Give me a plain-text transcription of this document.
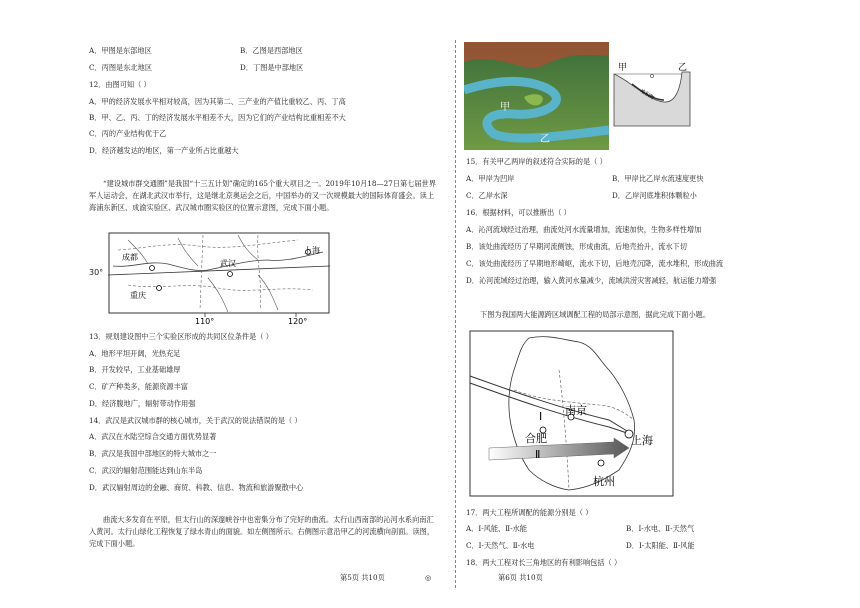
A．甲图是东部地区	B．乙图是西部地区
C．丙图是东北地区	D．丁图是中部地区
12．由图可知（ ）
A．甲的经济发展水平相对较高，因为其第二、三产业的产值比重较乙、丙、丁高
B．甲、乙、丙、丁的经济发展水平相差不大，因为它们的产业结构比重相差不大
C．丙的产业结构优于乙
D．经济越发达的地区，第一产业所占比重越大
“建设城市群交通圈”是我国“十三五计划”确定的165个重大项目之一。2019年10月18—27日第七届世界军人运动会，在湖北武汉市举行，这是继北京奥运会之后，中国举办的又一次规模最大的国际体育盛会。读上海浦东新区、成渝实验区、武汉城市圈实验区的位置示意图，完成下面小题。
成都
重庆
武汉
上海
110°	120°
30°
13．规划建设图中三个实验区形成的共同区位条件是（ ）
A．地形平坦开阔，光热充足
B．开发较早，工业基础雄厚
C．矿产种类多，能源资源丰富
D．经济腹地广，辐射带动作用强
14．武汉是武汉城市群的核心城市，关于武汉的说法错误的是（ ）
A．武汉在水陆空综合交通方面优势显著
B．武汉是我国中部地区的特大城市之一
C．武汉的辐射范围能达到山东半岛
D．武汉辐射周边的金融、商贸、科教、信息、物流和旅游聚散中心
曲流大多发育在平原，但太行山的深邃峡谷中也密集分布了完好的曲流。太行山西南部的沁河水系向南汇入黄河。太行山绿化工程恢复了绿水青山的面貌。如左侧图所示。右侧图示意沿甲乙的河流横向剖面。读图，完成下面小题。
第5页 共10页	◎
甲
乙
堆积物
甲	乙
15．有关甲乙两岸的叙述符合实际的是（ ）
A．甲岸为凹岸	B．甲岸比乙岸水流速度更快
C．乙岸水深	D．乙岸河底堆积体颗粒小
16．根据材料，可以推断出（ ）
A．沁河流域经过治理，曲流处河水流量增加，流速加快，生物多样性增加
B．该处曲流经历了早期河流侧蚀，形成曲流，后地壳抬升，流水下切
C．该处曲流经历了早期地形崎岖，流水下切，后地壳沉降，流水堆积，形成曲流
D．沁河流域经过治理，输入黄河水量减少，流域洪涝灾害减轻，航运能力增强
下图为我国两大能源跨区域调配工程的局部示意图，据此完成下面小题。
南京
合肥	上海
杭州
Ⅰ
Ⅱ
17．两大工程所调配的能源分别是（ ）
A．Ⅰ-风能、Ⅱ-水能	B．Ⅰ-水电、Ⅱ-天然气
C．Ⅰ-天然气、Ⅱ-水电	D．Ⅰ-太阳能、Ⅱ-风能
18．两大工程对长三角地区的有利影响包括（ ）
第6页 共10页
